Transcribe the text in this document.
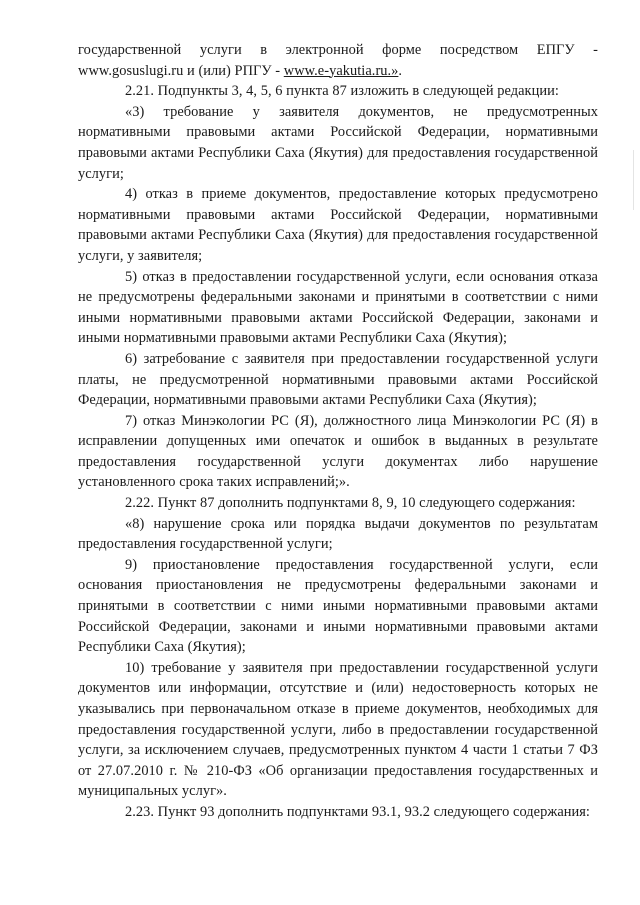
государственной услуги в электронной форме посредством ЕПГУ - www.gosuslugi.ru и (или) РПГУ - www.e-yakutia.ru.».

2.21. Подпункты 3, 4, 5, 6 пункта 87 изложить в следующей редакции:

«3) требование у заявителя документов, не предусмотренных нормативными правовыми актами Российской Федерации, нормативными правовыми актами Республики Саха (Якутия) для предоставления государственной услуги;

4) отказ в приеме документов, предоставление которых предусмотрено нормативными правовыми актами Российской Федерации, нормативными правовыми актами Республики Саха (Якутия) для предоставления государственной услуги, у заявителя;

5) отказ в предоставлении государственной услуги, если основания отказа не предусмотрены федеральными законами и принятыми в соответствии с ними иными нормативными правовыми актами Российской Федерации, законами и иными нормативными правовыми актами Республики Саха (Якутия);

6) затребование с заявителя при предоставлении государственной услуги платы, не предусмотренной нормативными правовыми актами Российской Федерации, нормативными правовыми актами Республики Саха (Якутия);

7) отказ Минэкологии РС (Я), должностного лица Минэкологии РС (Я) в исправлении допущенных ими опечаток и ошибок в выданных в результате предоставления государственной услуги документах либо нарушение установленного срока таких исправлений;».

2.22. Пункт 87 дополнить подпунктами 8, 9, 10 следующего содержания:

«8) нарушение срока или порядка выдачи документов по результатам предоставления государственной услуги;

9) приостановление предоставления государственной услуги, если основания приостановления не предусмотрены федеральными законами и принятыми в соответствии с ними иными нормативными правовыми актами Российской Федерации, законами и иными нормативными правовыми актами Республики Саха (Якутия);

10) требование у заявителя при предоставлении государственной услуги документов или информации, отсутствие и (или) недостоверность которых не указывались при первоначальном отказе в приеме документов, необходимых для предоставления государственной услуги, либо в предоставлении государственной услуги, за исключением случаев, предусмотренных пунктом 4 части 1 статьи 7 ФЗ от 27.07.2010 г. № 210-ФЗ «Об организации предоставления государственных и муниципальных услуг».

2.23. Пункт 93 дополнить подпунктами 93.1, 93.2 следующего содержания:
